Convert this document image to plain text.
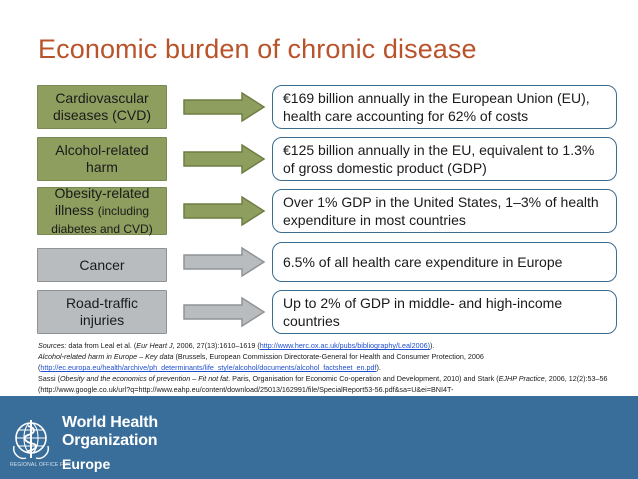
Economic burden of chronic disease
Cardiovascular
diseases (CVD)
€169 billion annually in the European Union (EU), health care accounting for 62% of costs
Alcohol-related
harm
€125 billion annually in the EU, equivalent to 1.3% of gross domestic product (GDP)
Obesity-related
illness (including diabetes and CVD)
Over 1% GDP in the United States, 1–3% of health expenditure in most countries
Cancer	6.5% of all health care expenditure in Europe
Road-traffic
injuries
Up to 2% of GDP in middle- and high-income countries
Sources: data from Leal et al. (Eur Heart J, 2006, 27(13):1610–1619 (http://www.herc.ox.ac.uk/pubs/bibliography/Leal2006)).
Alcohol-related harm in Europe – Key data (Brussels, European Commission Directorate-General for Health and Consumer Protection, 2006
(http://ec.europa.eu/health/archive/ph_determinants/life_style/alcohol/documents/alcohol_factsheet_en.pdf).
Sassi (Obesity and the economics of prevention – Fit not fat. Paris, Organisation for Economic Co-operation and Development, 2010) and Stark (EJHP Practice, 2006, 12(2):53–56 (http://www.google.co.uk/url?q=http://www.eahp.eu/content/download/25013/162991/file/SpecialReport53-56.pdf&sa=U&ei=BNI4T-
World Health
Organization
REGIONAL OFFICE FOR
Europe
